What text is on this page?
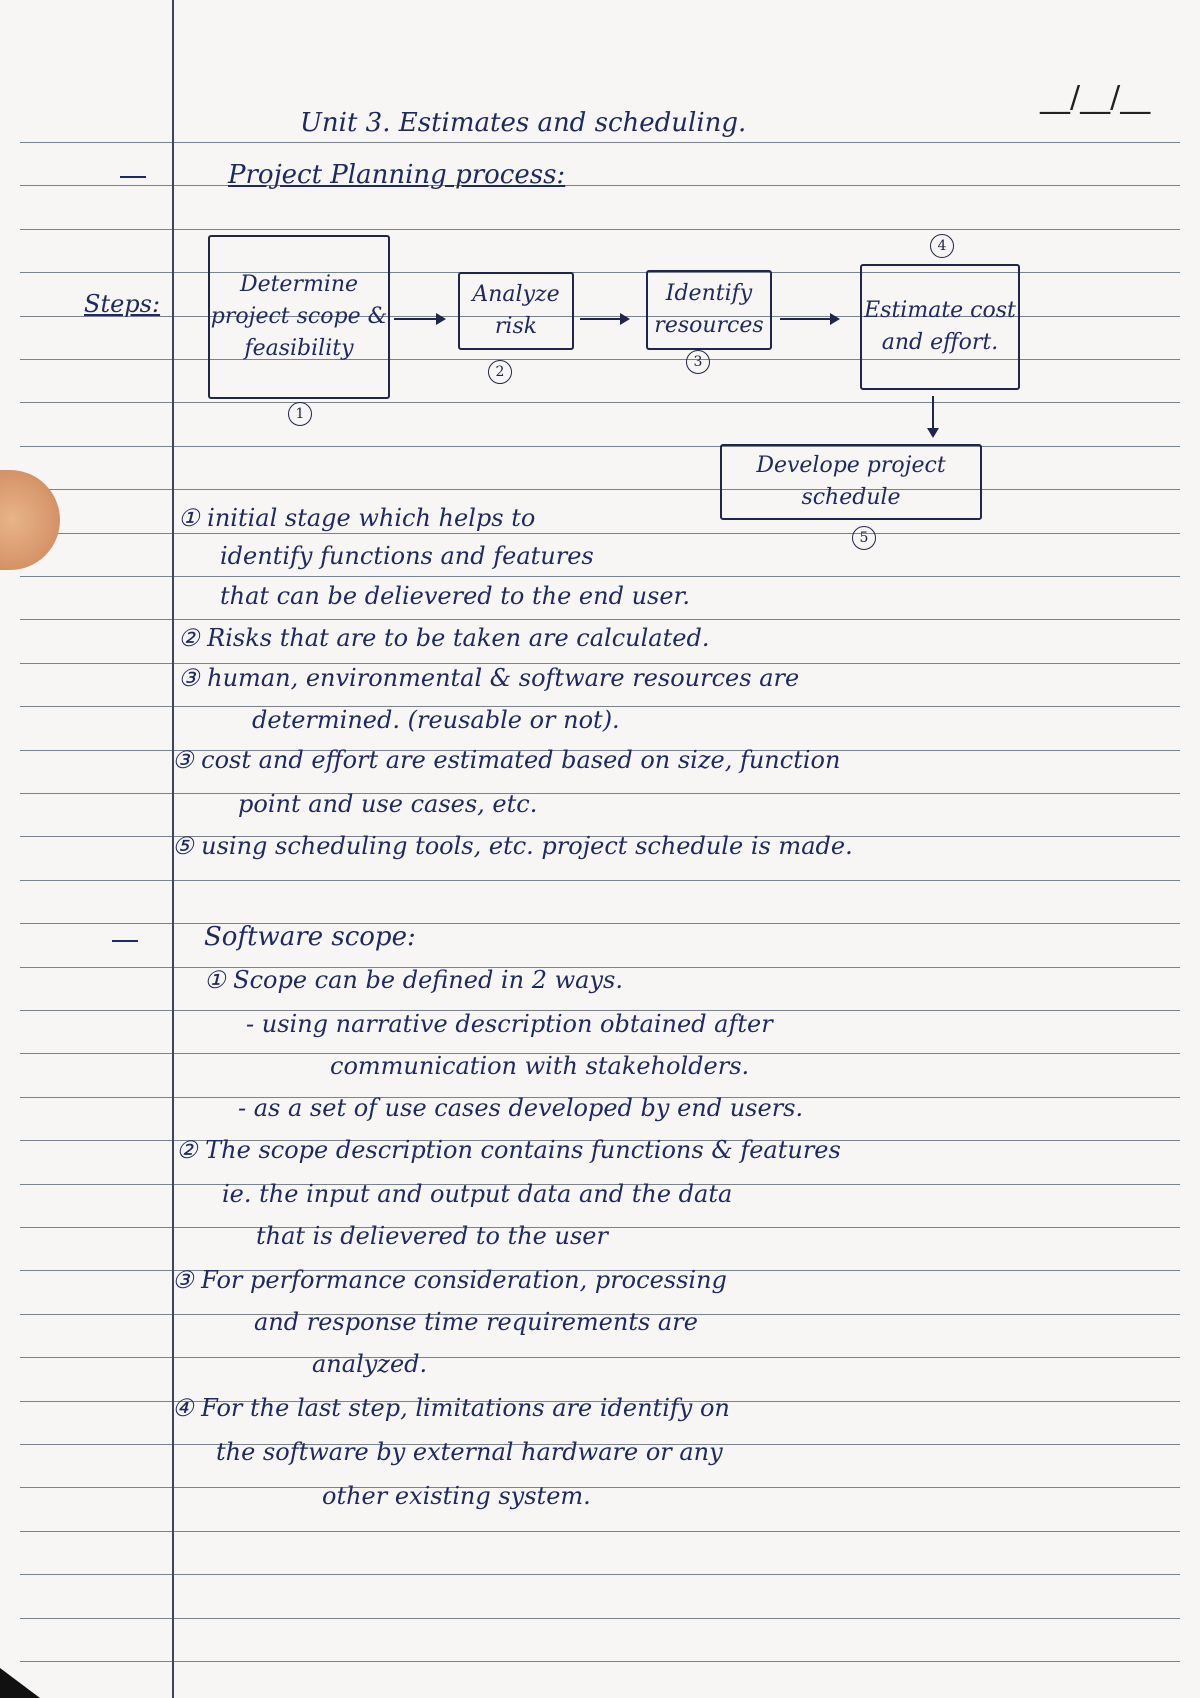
__/__/__
Unit 3. Estimates and scheduling.
Project Planning process:
Steps:
Determine project scope & feasibility
1
Analyze risk
2
Identify resources
3
Estimate cost and effort.
4
Develope project schedule
5
① initial stage which helps to
identify functions and features
that can be delievered to the end user.
② Risks that are to be taken are calculated.
③ human, environmental & software resources are
determined. (reusable or not).
③ cost and effort are estimated based on size, function
point and use cases, etc.
⑤ using scheduling tools, etc. project schedule is made.
Software scope:
① Scope can be defined in 2 ways.
- using narrative description obtained after
communication with stakeholders.
- as a set of use cases developed by end users.
② The scope description contains functions & features
ie. the input and output data and the data
that is delievered to the user
③ For performance consideration, processing
and response time requirements are
analyzed.
④ For the last step, limitations are identify on
the software by external hardware or any
other existing system.
